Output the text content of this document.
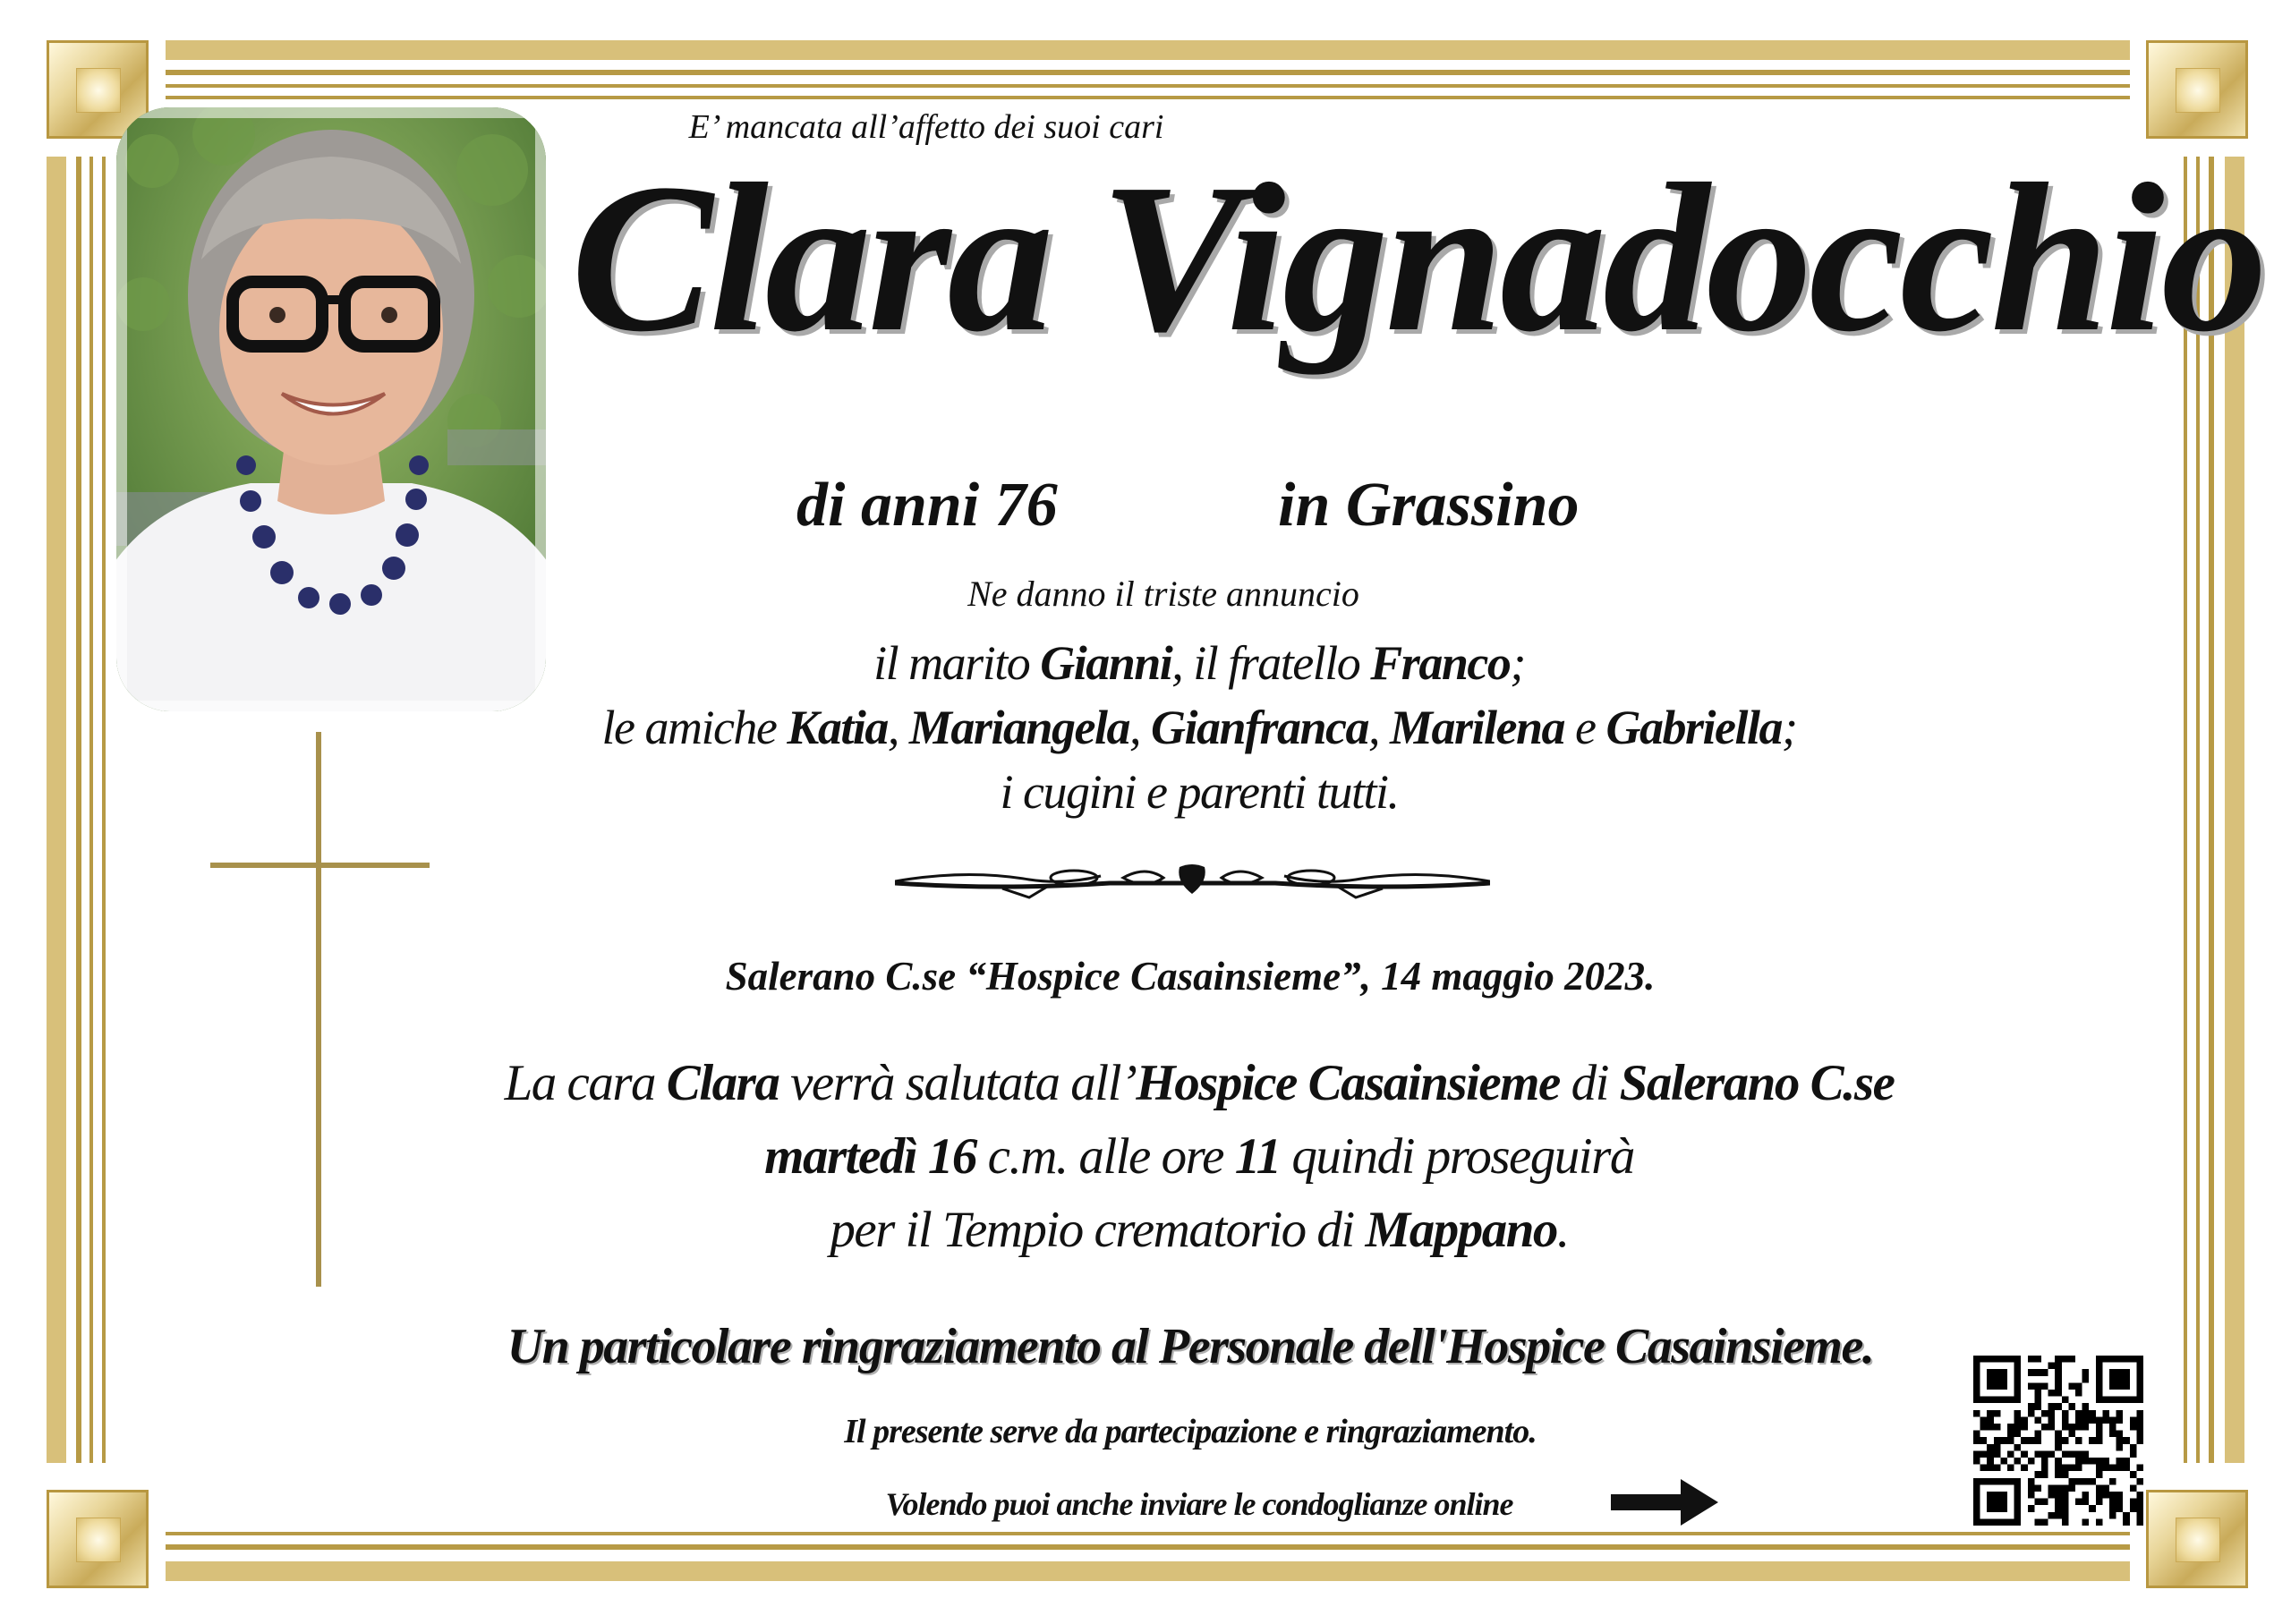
E’ mancata all’affetto dei suoi cari
Clara Vignadocchio
di anni 76	in Grassino
Ne danno il triste annuncio
il marito Gianni, il fratello Franco;
le amiche Katia, Mariangela, Gianfranca, Marilena e Gabriella;
i cugini e parenti tutti.
Salerano C.se “Hospice Casainsieme”, 14 maggio 2023.
La cara Clara verrà salutata all’Hospice Casainsieme di Salerano C.se
martedì 16 c.m. alle ore 11 quindi proseguirà
per il Tempio crematorio di Mappano.
Un particolare ringraziamento al Personale dell'Hospice Casainsieme.
Il presente serve da partecipazione e ringraziamento.
Volendo puoi anche inviare le condoglianze online
